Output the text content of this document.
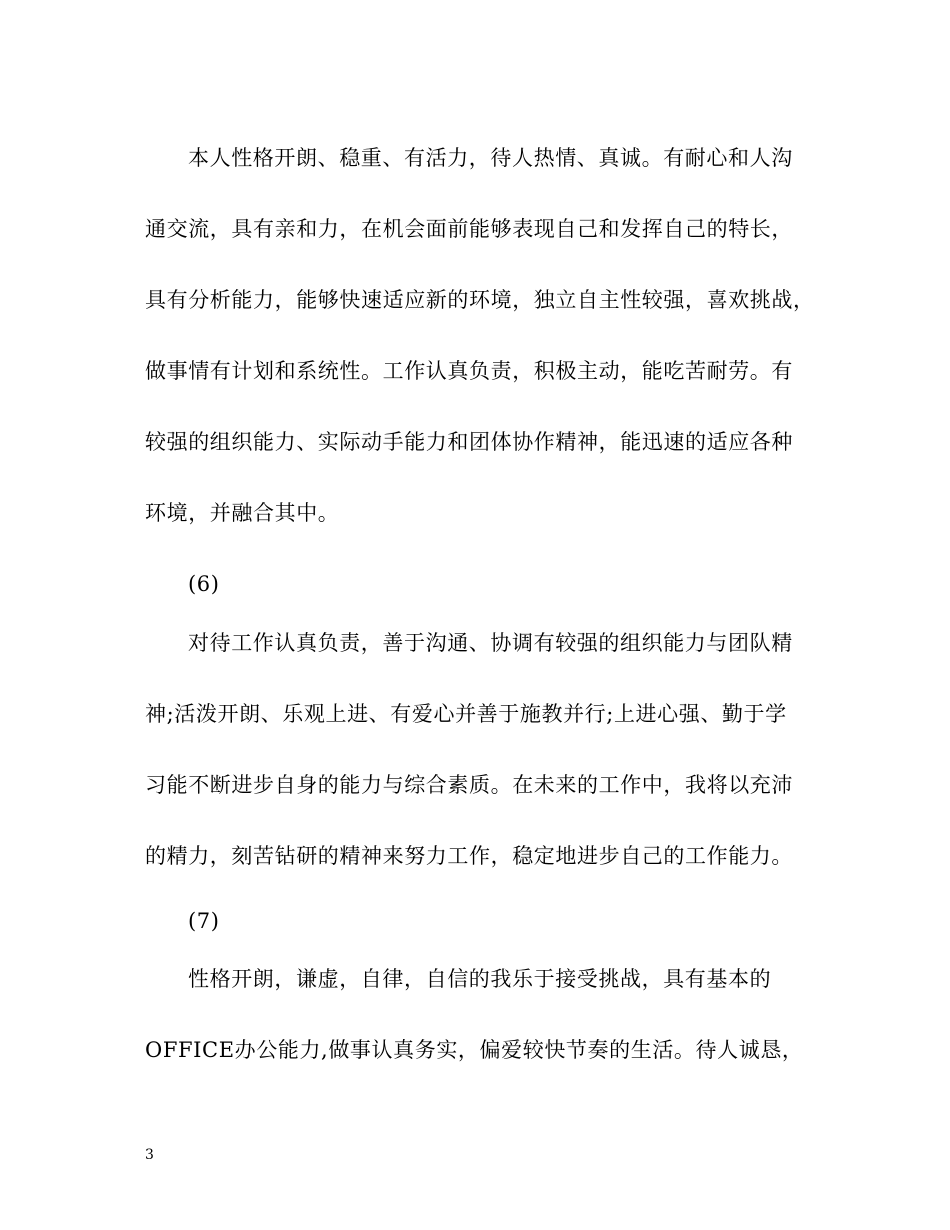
本人性格开朗、稳重、有活力，待人热情、真诚。有耐心和人沟
通交流，具有亲和力，在机会面前能够表现自己和发挥自己的特长，
具有分析能力，能够快速适应新的环境，独立自主性较强，喜欢挑战，
做事情有计划和系统性。工作认真负责，积极主动，能吃苦耐劳。有
较强的组织能力、实际动手能力和团体协作精神，能迅速的适应各种
环境，并融合其中。
(6)
对待工作认真负责，善于沟通、协调有较强的组织能力与团队精
神;活泼开朗、乐观上进、有爱心并善于施教并行;上进心强、勤于学
习能不断进步自身的能力与综合素质。在未来的工作中，我将以充沛
的精力，刻苦钻研的精神来努力工作，稳定地进步自己的工作能力。
(7)
性格开朗，谦虚，自律，自信的我乐于接受挑战，具有基本的
OFFICE办公能力,做事认真务实，偏爱较快节奏的生活。待人诚恳，
3
